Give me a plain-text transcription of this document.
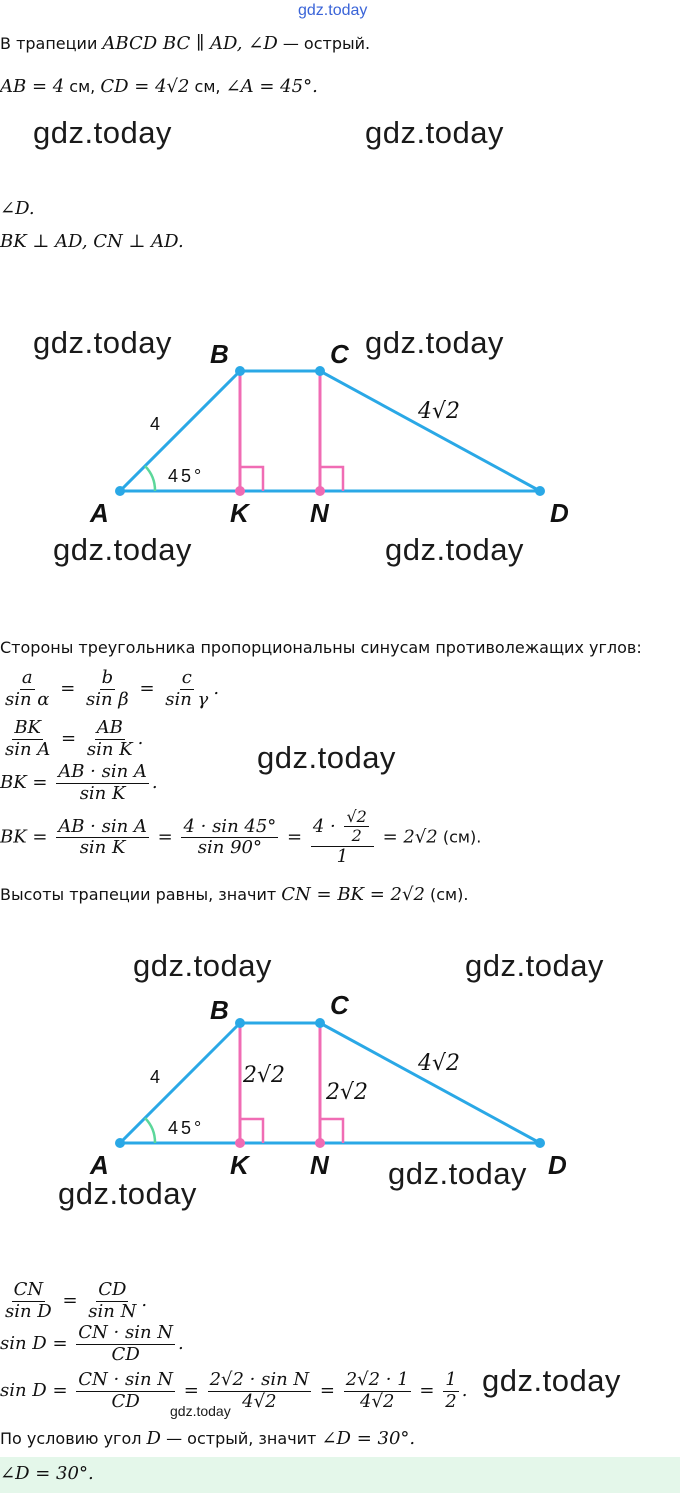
gdz.today
В трапеции ABCD BC ∥ AD, ∠D — острый.
AB = 4 см, CD = 4√2 см, ∠A = 45°.
gdz.today	gdz.today
∠D.
BK ⊥ AD, CN ⊥ AD.
B	C
A	K N	D
4
45°
4√2
gdz.today	gdz.today
gdz.today	gdz.today
Стороны треугольника пропорциональны синусам противолежащих углов:
$\frac{a}{\text{sin α}} = \frac{b}{\text{sin β}} = \frac{c}{\text{sin γ}}$ .
$\frac{BK}{\text{sin A}} = \frac{AB}{\text{sin K}}$ .
gdz.today
BK = $\frac{\text{AB · sin A}}{\text{sin K}}$ .
BK = $\frac{\text{AB · sin A}}{\text{sin K}} = \frac{4 \cdot \sin 45^\circ}{\sin 90^\circ} = \frac{4 \cdot \frac{√2}{2}}{1} = 2√2$ (см).
Высоты трапеции равны, значит CN = BK = 2√2 (см).
B	C
A	K N	D
4
45°
4√2
2√2
2√2
gdz.today	gdz.today
gdz.today
gdz.today
$\frac{CN}{\text{sin D}} = \frac{CD}{\text{sin N}}$ .
$\sin D = \frac{\text{CN · sin N}}{CD}$ .
$\sin D = \frac{\text{CN · sin N}}{CD} = \frac{\text{2√2 · sin N}}{4√2} = \frac{2√2 \cdot 1}{4√2} = \frac{1}{2}$ .
gdz.today
gdz.today
По условию угол D — острый, значит ∠D = 30°.
∠D = 30°.
